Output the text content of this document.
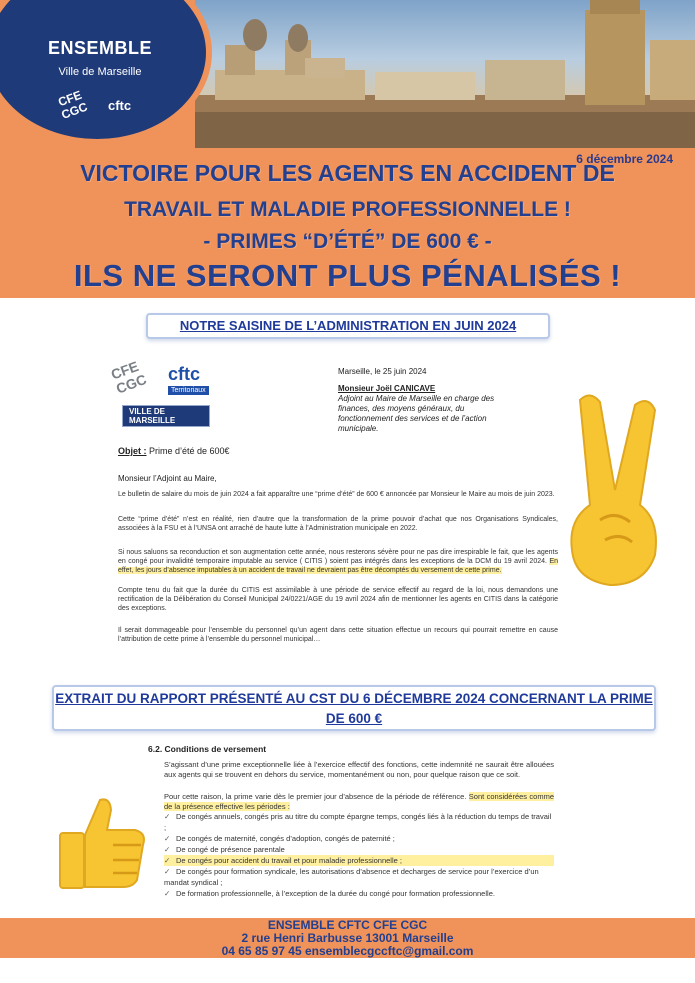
ENSEMBLE
Ville de Marseille
CFE CGC cftc
6 décembre 2024
VICTOIRE POUR LES AGENTS EN ACCIDENT DE
TRAVAIL ET MALADIE PROFESSIONNELLE !
- PRIMES “D’ÉTÉ” DE 600 € -
ILS NE SERONT PLUS PÉNALISÉS !
NOTRE SAISINE DE L’ADMINISTRATION EN JUIN 2024
CFE CGC	cftc
Territoriaux
VILLE DE MARSEILLE
Marseille, le 25 juin 2024
Monsieur Joël CANICAVE
Adjoint au Maire de Marseille en charge des finances, des moyens généraux, du fonctionnement des services et de l’action municipale.
Objet : Prime d’été de 600€
Monsieur l’Adjoint au Maire,
Le bulletin de salaire du mois de juin 2024 a fait apparaître une “prime d’été” de 600 € annoncée par Monsieur le Maire au mois de juin 2023.
Cette “prime d’été” n’est en réalité, rien d’autre que la transformation de la prime pouvoir d’achat que nos Organisations Syndicales, associées à la FSU et à l’UNSA ont arraché de haute lutte à l’Administration municipale en 2022.
Si nous saluons sa reconduction et son augmentation cette année, nous resterons sévère pour ne pas dire irrespirable le fait, que les agents en congé pour invalidité temporaire imputable au service ( CITIS ) soient pas intégrés dans les exceptions de la DCM du 19 avril 2024. En effet, les jours d’absence imputables à un accident de travail ne devraient pas être décomptés du versement de cette prime.
Compte tenu du fait que la durée du CITIS est assimilable à une période de service effectif au regard de la loi, nous demandons une rectification de la Délibération du Conseil Municipal 24/0221/AGE du 19 avril 2024 afin de mentionner les agents en CITIS dans la catégorie des exceptions.
Il serait dommageable pour l’ensemble du personnel qu’un agent dans cette situation effectue un recours qui pourrait remettre en cause l’attribution de cette prime à l’ensemble du personnel municipal…
EXTRAIT DU RAPPORT PRÉSENTÉ AU CST DU 6 DÉCEMBRE 2024 CONCERNANT LA PRIME DE 600 €
6.2. Conditions de versement
S’agissant d’une prime exceptionnelle liée à l’exercice effectif des fonctions, cette indemnité ne saurait être allouées aux agents qui se trouvent en dehors du service, momentanément ou non, pour quelque raison que ce soit.
Pour cette raison, la prime varie dès le premier jour d’absence de la période de référence. Sont considérées comme de la présence effective les périodes :
✓ De congés annuels, congés pris au titre du compte épargne temps, congés liés à la réduction du temps de travail ;
✓ De congés de maternité, congés d’adoption, congés de paternité ;
✓ De congé de présence parentale
✓ De congés pour accident du travail et pour maladie professionnelle ;
✓ De congés pour formation syndicale, les autorisations d’absence et decharges de service pour l’exercice d’un mandat syndical ;
✓ De formation professionnelle, à l’exception de la durée du congé pour formation professionnelle.
ENSEMBLE CFTC CFE CGC
2 rue Henri Barbusse 13001 Marseille
04 65 85 97 45 ensemblecgccftc@gmail.com
